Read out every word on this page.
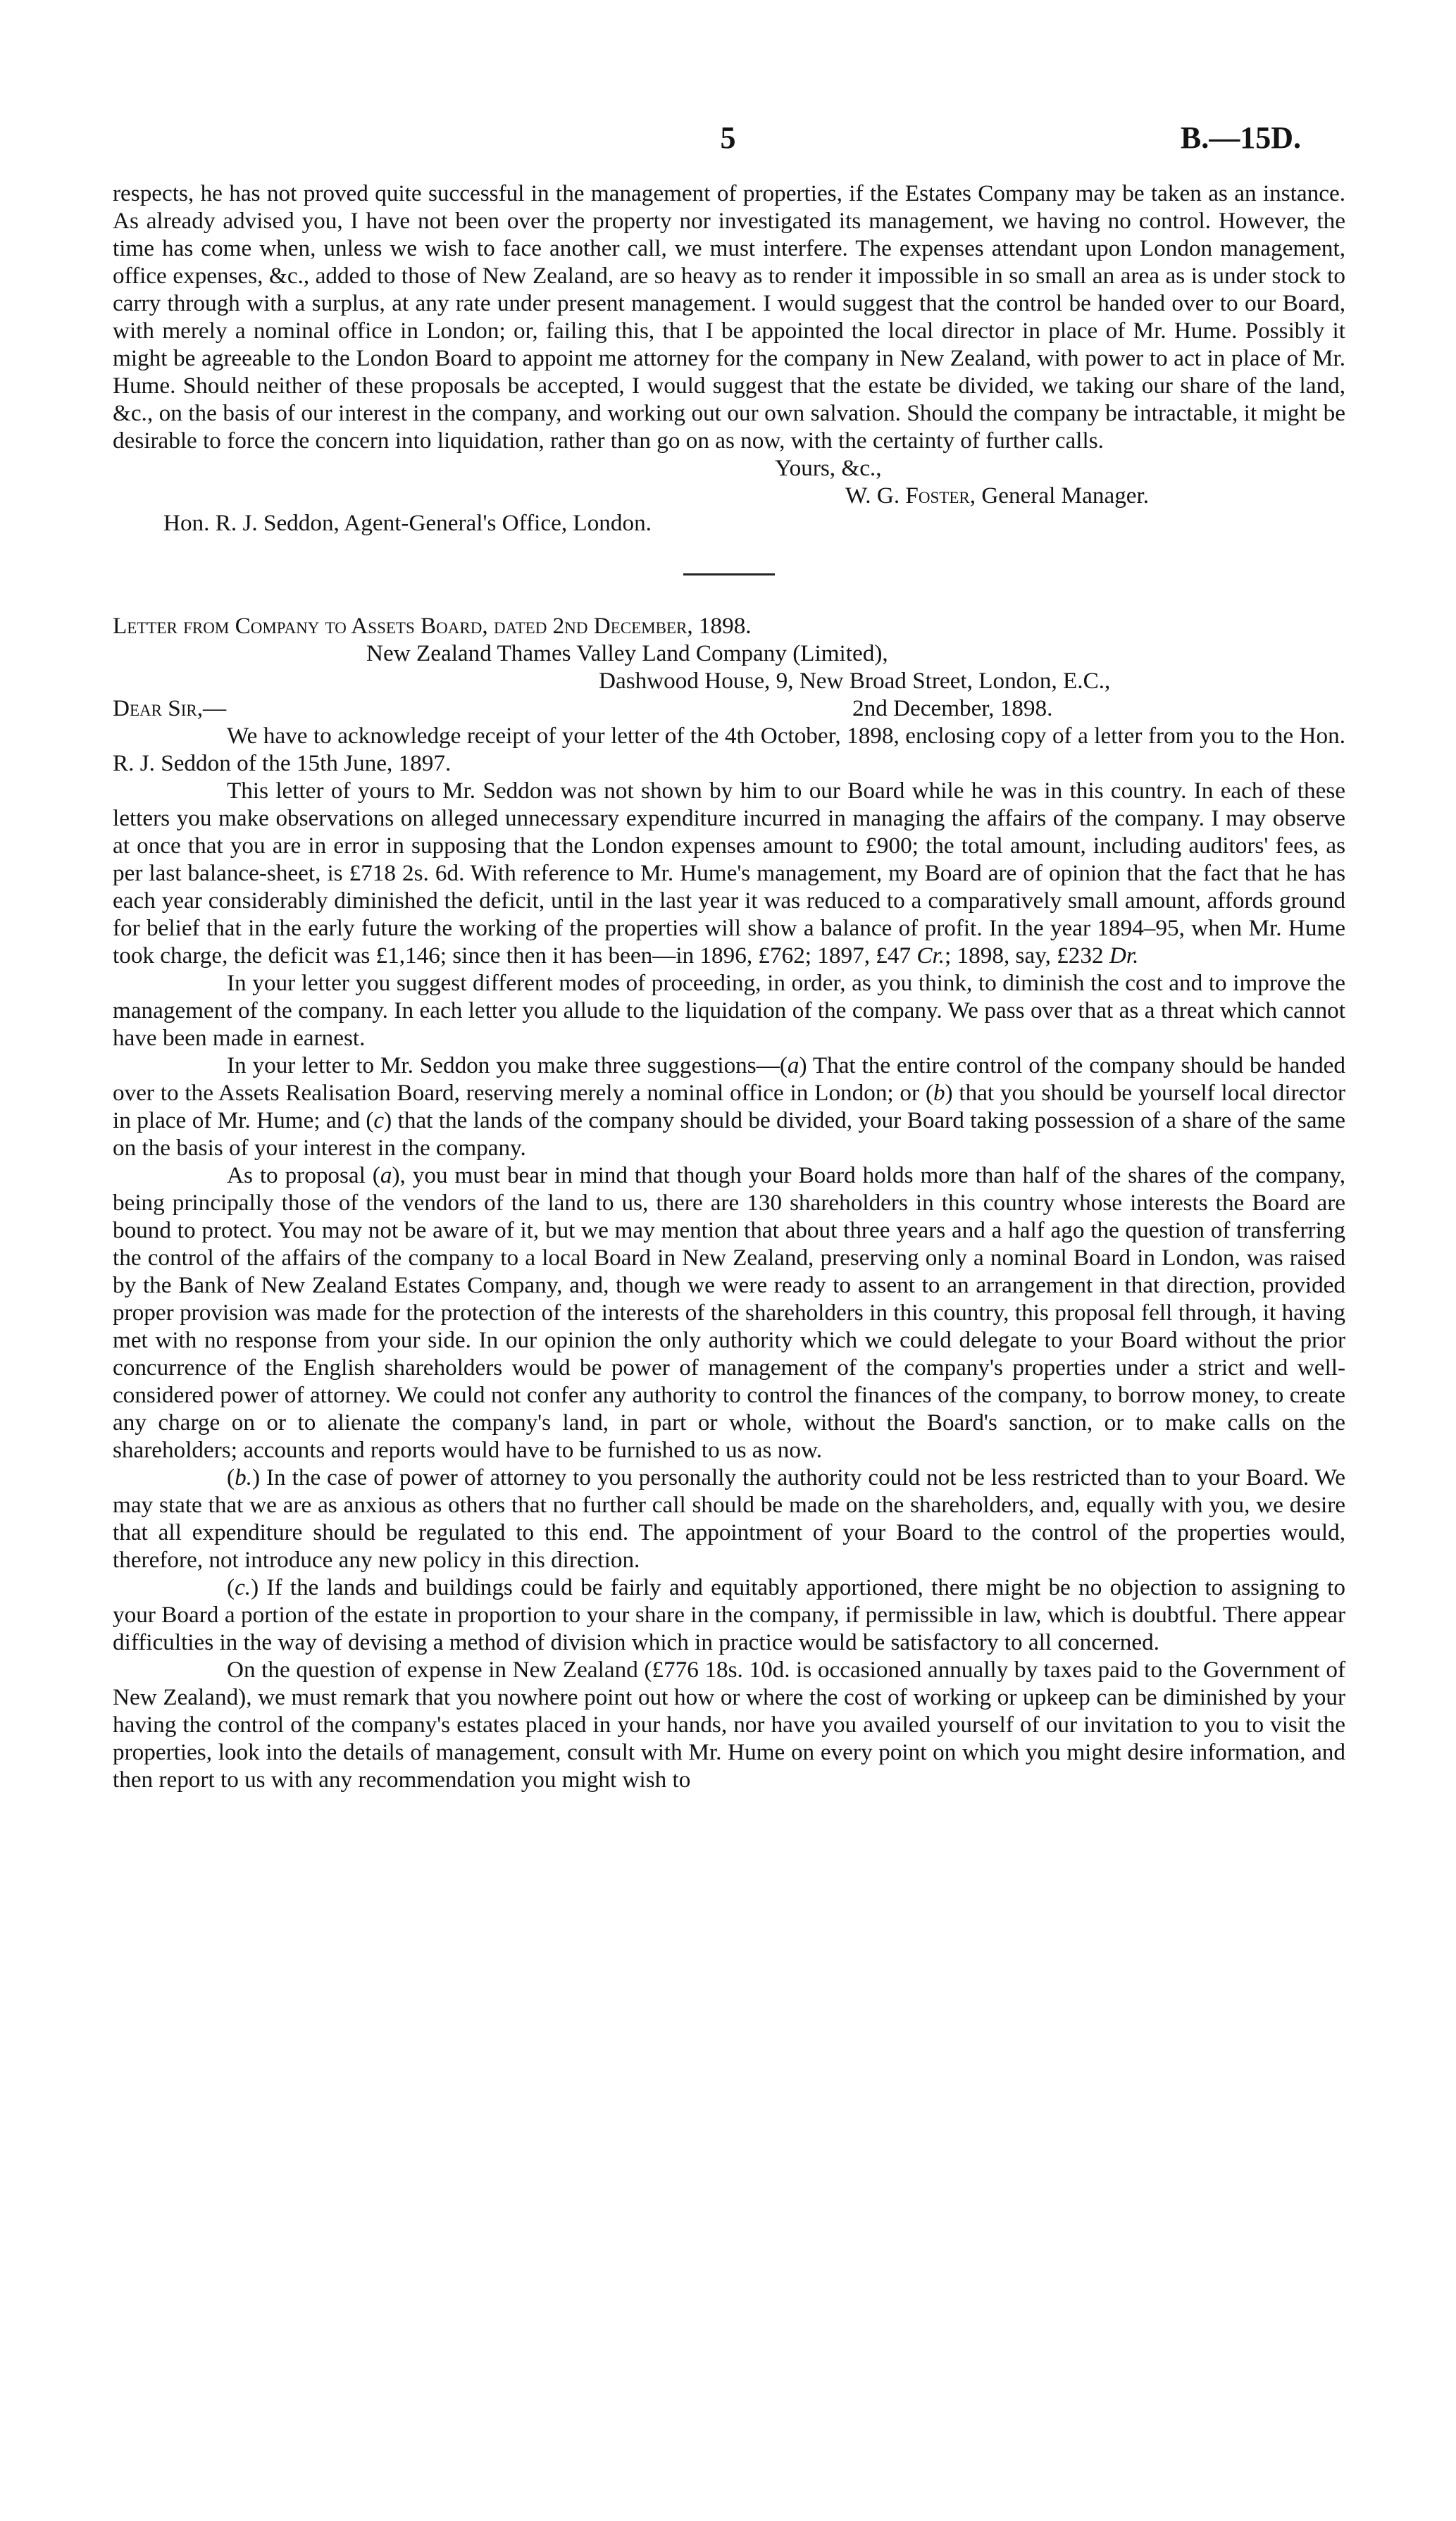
5	B.—15D.

respects, he has not proved quite successful in the management of properties, if the Estates Company may be taken as an instance. As already advised you, I have not been over the property nor investigated its management, we having no control. However, the time has come when, unless we wish to face another call, we must interfere. The expenses attendant upon London management, office expenses, &c., added to those of New Zealand, are so heavy as to render it impossible in so small an area as is under stock to carry through with a surplus, at any rate under present management. I would suggest that the control be handed over to our Board, with merely a nominal office in London; or, failing this, that I be appointed the local director in place of Mr. Hume. Possibly it might be agreeable to the London Board to appoint me attorney for the company in New Zealand, with power to act in place of Mr. Hume. Should neither of these proposals be accepted, I would suggest that the estate be divided, we taking our share of the land, &c., on the basis of our interest in the company, and working out our own salvation. Should the company be intractable, it might be desirable to force the concern into liquidation, rather than go on as now, with the certainty of further calls.

Yours, &c.,

W. G. Foster, General Manager.

Hon. R. J. Seddon, Agent-General's Office, London.

Letter from Company to Assets Board, dated 2nd December, 1898.

New Zealand Thames Valley Land Company (Limited),

Dashwood House, 9, New Broad Street, London, E.C.,

Dear Sir,—	2nd December, 1898.

We have to acknowledge receipt of your letter of the 4th October, 1898, enclosing copy of a letter from you to the Hon. R. J. Seddon of the 15th June, 1897.

This letter of yours to Mr. Seddon was not shown by him to our Board while he was in this country. In each of these letters you make observations on alleged unnecessary expenditure incurred in managing the affairs of the company. I may observe at once that you are in error in supposing that the London expenses amount to £900; the total amount, including auditors' fees, as per last balance-sheet, is £718 2s. 6d. With reference to Mr. Hume's management, my Board are of opinion that the fact that he has each year considerably diminished the deficit, until in the last year it was reduced to a comparatively small amount, affords ground for belief that in the early future the working of the properties will show a balance of profit. In the year 1894–95, when Mr. Hume took charge, the deficit was £1,146; since then it has been—in 1896, £762; 1897, £47 Cr.; 1898, say, £232 Dr.

In your letter you suggest different modes of proceeding, in order, as you think, to diminish the cost and to improve the management of the company. In each letter you allude to the liquidation of the company. We pass over that as a threat which cannot have been made in earnest.

In your letter to Mr. Seddon you make three suggestions—(a) That the entire control of the company should be handed over to the Assets Realisation Board, reserving merely a nominal office in London; or (b) that you should be yourself local director in place of Mr. Hume; and (c) that the lands of the company should be divided, your Board taking possession of a share of the same on the basis of your interest in the company.

As to proposal (a), you must bear in mind that though your Board holds more than half of the shares of the company, being principally those of the vendors of the land to us, there are 130 shareholders in this country whose interests the Board are bound to protect. You may not be aware of it, but we may mention that about three years and a half ago the question of transferring the control of the affairs of the company to a local Board in New Zealand, preserving only a nominal Board in London, was raised by the Bank of New Zealand Estates Company, and, though we were ready to assent to an arrangement in that direction, provided proper provision was made for the protection of the interests of the shareholders in this country, this proposal fell through, it having met with no response from your side. In our opinion the only authority which we could delegate to your Board without the prior concurrence of the English shareholders would be power of management of the company's properties under a strict and well-considered power of attorney. We could not confer any authority to control the finances of the company, to borrow money, to create any charge on or to alienate the company's land, in part or whole, without the Board's sanction, or to make calls on the shareholders; accounts and reports would have to be furnished to us as now.

(b.) In the case of power of attorney to you personally the authority could not be less restricted than to your Board. We may state that we are as anxious as others that no further call should be made on the shareholders, and, equally with you, we desire that all expenditure should be regulated to this end. The appointment of your Board to the control of the properties would, therefore, not introduce any new policy in this direction.

(c.) If the lands and buildings could be fairly and equitably apportioned, there might be no objection to assigning to your Board a portion of the estate in proportion to your share in the company, if permissible in law, which is doubtful. There appear difficulties in the way of devising a method of division which in practice would be satisfactory to all concerned.

On the question of expense in New Zealand (£776 18s. 10d. is occasioned annually by taxes paid to the Government of New Zealand), we must remark that you nowhere point out how or where the cost of working or upkeep can be diminished by your having the control of the company's estates placed in your hands, nor have you availed yourself of our invitation to you to visit the properties, look into the details of management, consult with Mr. Hume on every point on which you might desire information, and then report to us with any recommendation you might wish to
